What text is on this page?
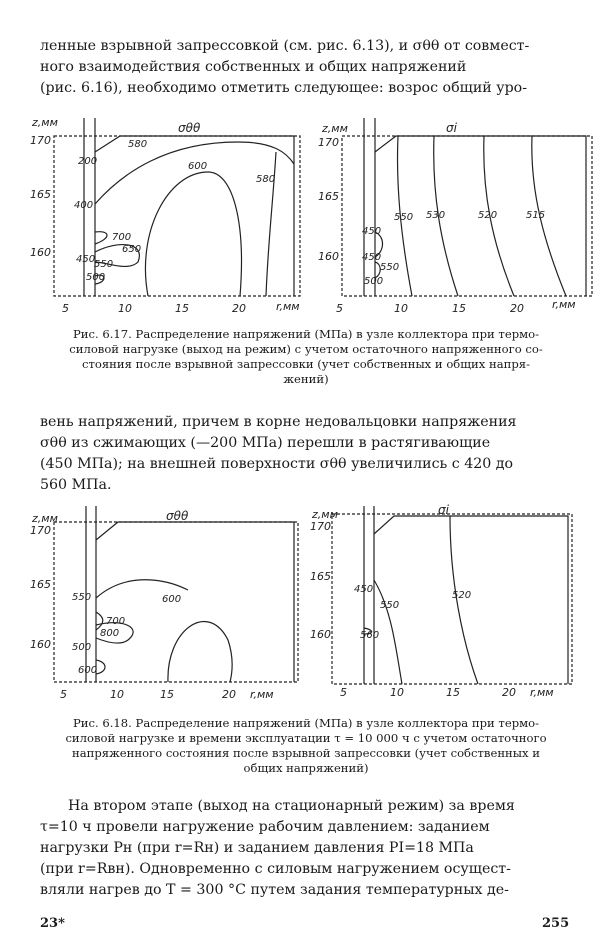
ленные взрывной запрессовкой (см. рис. 6.13), и σθθ от совмест-
ного взаимодействия собственных и общих напряжений
(рис. 6.16), необходимо отметить следующее: возрос общий уро-
σθθ
z,мм
r,мм
170
165
160
5	10	15	20
580
200	600
580
400
700
650
450
550
500
σi
z,мм
r,мм
170
165
160
5	10	15	20
550 530	520	515
450
450
550
500
Рис. 6.17. Распределение напряжений (МПа) в узле коллектора при термо-
силовой нагрузке (выход на режим) с учетом остаточного напряженного со-
стояния после взрывной запрессовки (учет собственных и общих напря-
жений)
вень напряжений, причем в корне недовальцовки напряжения
σθθ из сжимающих (—200 МПа) перешли в растягивающие
(450 МПа); на внешней поверхности σθθ увеличились с 420 до
560 МПа.
σθθ
z,мм
r,мм
170
165
160
5	10	15	20
550	600
700
800
500
600
σi
z,мм
r,мм
170
165
160
5	10	15	20
450
550
520
560
Рис. 6.18. Распределение напряжений (МПа) в узле коллектора при термо-
силовой нагрузке и времени эксплуатации τ = 10 000 ч с учетом остаточного
напряженного состояния после взрывной запрессовки (учет собственных и
общих напряжений)
На втором этапе (выход на стационарный режим) за время
τ=10 ч провели нагружение рабочим давлением: заданием
нагрузки Pн (при r=Rн) и заданием давления PI=18 МПа
(при r=Rвн). Одновременно с силовым нагружением осущест-
вляли нагрев до T = 300 °С путем задания температурных де-
23*	255
